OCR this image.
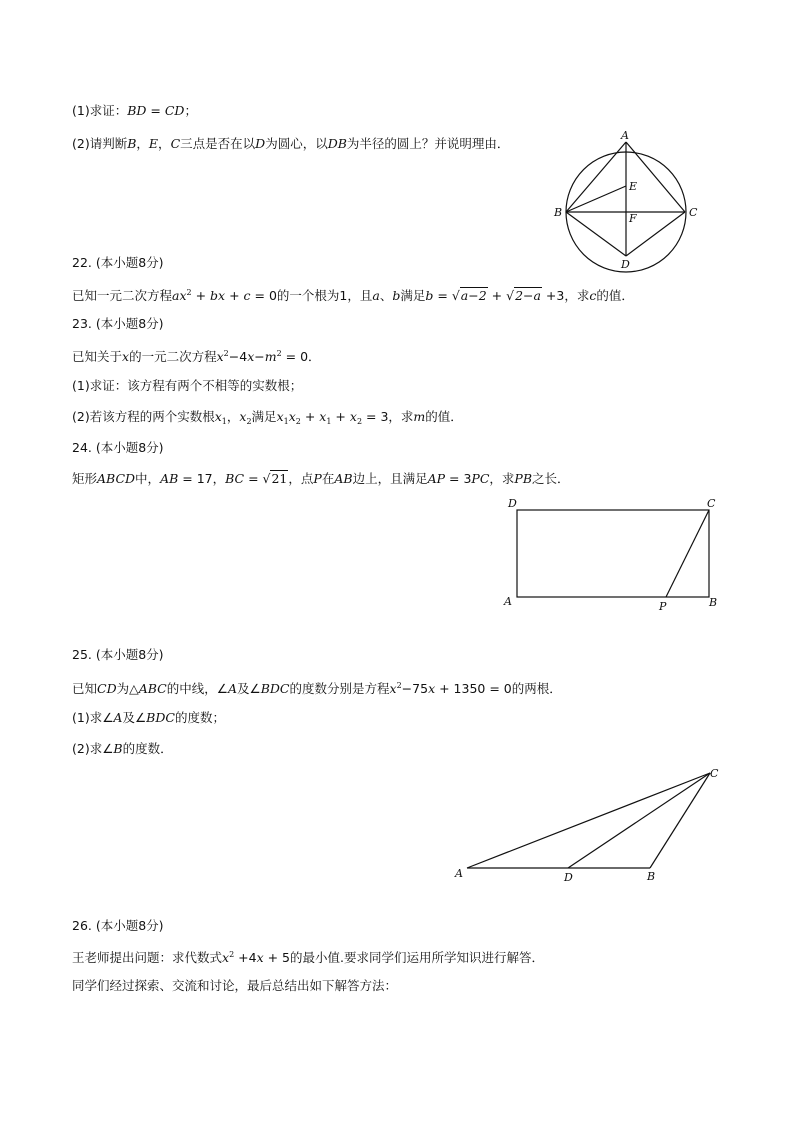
(1)求证：BD = CD；
(2)请判断B，E，C三点是否在以D为圆心，以DB为半径的圆上？并说明理由．
A
B	C
D
E
F
22. (本小题8分)
已知一元二次方程$ax^2$ + bx + c = 0的一个根为1，且a、b满足b = √a−2 + √2−a +3，求c的值．
23. (本小题8分)
已知关于x的一元二次方程$x^2-4x-m^2 = 0$．
(1)求证：该方程有两个不相等的实数根；
(2)若该方程的两个实数根$x_1$，$x_2$满足$x_1x_2 + x_1 + x_2 = 3$，求m的值．
24. (本小题8分)
矩形ABCD中，AB = 17，BC = √21，点P在AB边上，且满足AP = 3PC，求PB之长．
D	C
A	B
P
25. (本小题8分)
已知CD为△ABC的中线，∠A及∠BDC的度数分别是方程$x^2-75x + 1350 = 0$的两根．
(1)求∠A及∠BDC的度数；
(2)求∠B的度数．
A	B
C
D
26. (本小题8分)
王老师提出问题：求代数式$x^2 +4x + 5$的最小值.要求同学们运用所学知识进行解答．
同学们经过探索、交流和讨论，最后总结出如下解答方法：
